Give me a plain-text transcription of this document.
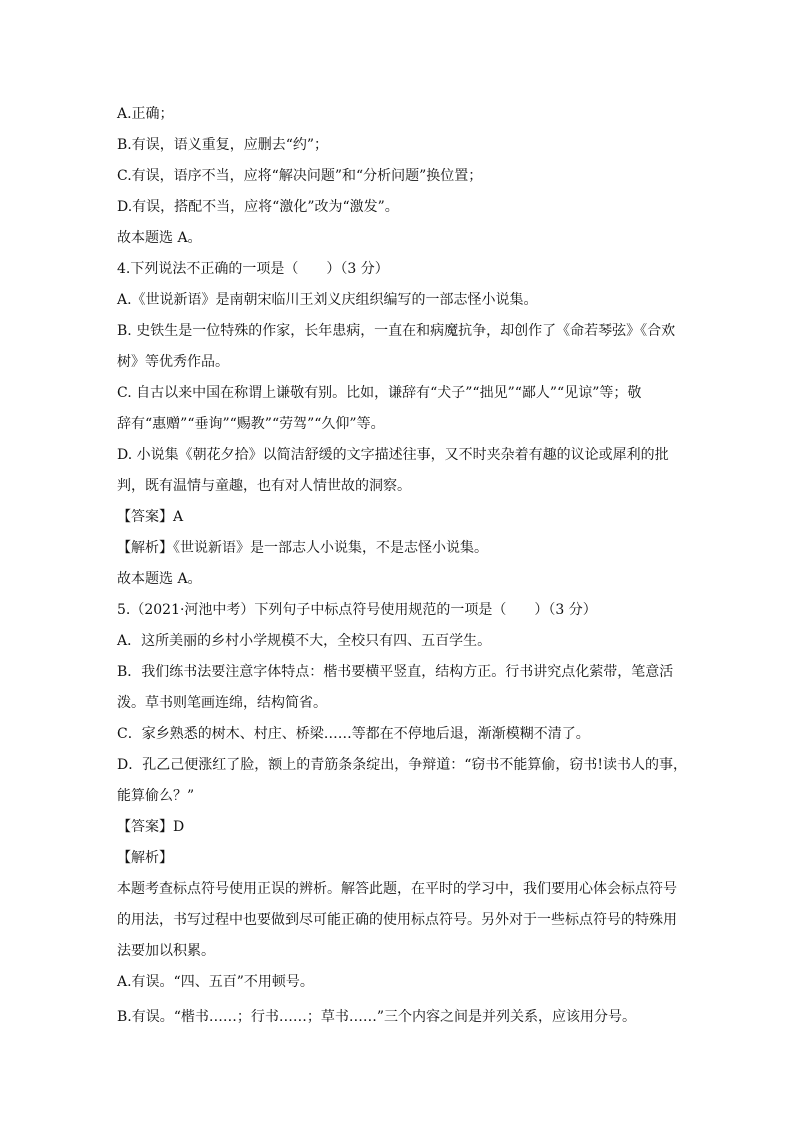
A.正确；
B.有误，语义重复，应删去“约”；
C.有误，语序不当，应将“解决问题”和“分析问题”换位置；
D.有误，搭配不当，应将“激化”改为“激发”。
故本题选 A。
4.下列说法不正确的一项是（　　）（3 分）
A.《世说新语》是南朝宋临川王刘义庆组织编写的一部志怪小说集。
B. 史铁生是一位特殊的作家，长年患病，一直在和病魔抗争，却创作了《命若琴弦》《合欢
树》等优秀作品。
C. 自古以来中国在称谓上谦敬有别。比如，谦辞有“犬子”“拙见”“鄙人”“见谅”等；敬
辞有“惠赠”“垂询”“赐教”“劳驾”“久仰”等。
D. 小说集《朝花夕拾》以简洁舒缓的文字描述往事，又不时夹杂着有趣的议论或犀利的批
判，既有温情与童趣，也有对人情世故的洞察。
【答案】A
【解析】《世说新语》是一部志人小说集，不是志怪小说集。
故本题选 A。
5.（2021·河池中考）下列句子中标点符号使用规范的一项是（　　）（3 分）
A．这所美丽的乡村小学规模不大，全校只有四、五百学生。
B．我们练书法要注意字体特点：楷书要横平竖直，结构方正。行书讲究点化萦带，笔意活
泼。草书则笔画连绵，结构简省。
C．家乡熟悉的树木、村庄、桥梁……等都在不停地后退，渐渐模糊不清了。
D．孔乙己便涨红了脸，额上的青筋条条绽出，争辩道：“窃书不能算偷，窃书!读书人的事，
能算偷么？”
【答案】D
【解析】
本题考查标点符号使用正误的辨析。解答此题，在平时的学习中，我们要用心体会标点符号
的用法，书写过程中也要做到尽可能正确的使用标点符号。另外对于一些标点符号的特殊用
法要加以积累。
A.有误。“四、五百”不用顿号。
B.有误。“楷书……；行书……；草书……”三个内容之间是并列关系，应该用分号。
